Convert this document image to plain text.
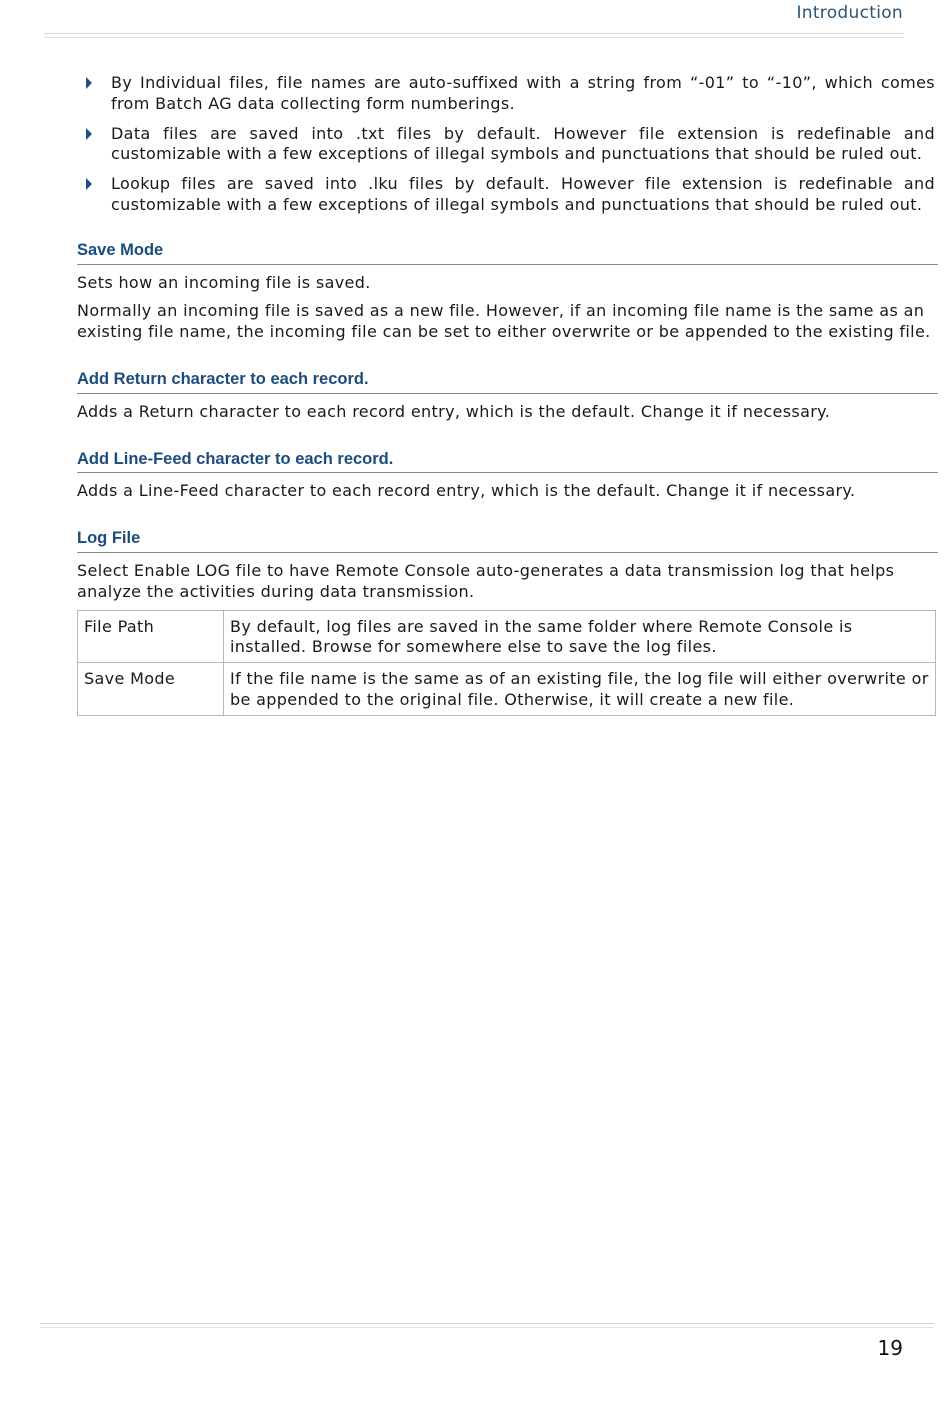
Introduction
By Individual files, file names are auto-suffixed with a string from “-01” to “-10”, which comes from Batch AG data collecting form numberings.
Data files are saved into .txt files by default. However file extension is redefinable and customizable with a few exceptions of illegal symbols and punctuations that should be ruled out.
Lookup files are saved into .lku files by default. However file extension is redefinable and customizable with a few exceptions of illegal symbols and punctuations that should be ruled out.
Save Mode

Sets how an incoming file is saved.

Normally an incoming file is saved as a new file. However, if an incoming file name is the same as an existing file name, the incoming file can be set to either overwrite or be appended to the existing file.

Add Return character to each record.

Adds a Return character to each record entry, which is the default. Change it if necessary.

Add Line-Feed character to each record.

Adds a Line-Feed character to each record entry, which is the default. Change it if necessary.

Log File

Select Enable LOG file to have Remote Console auto-generates a data transmission log that helps analyze the activities during data transmission.

File Path	By default, log files are saved in the same folder where Remote Console is installed. Browse for somewhere else to save the log files.
Save Mode	If the file name is the same as of an existing file, the log file will either overwrite or be appended to the original file. Otherwise, it will create a new file.
19
